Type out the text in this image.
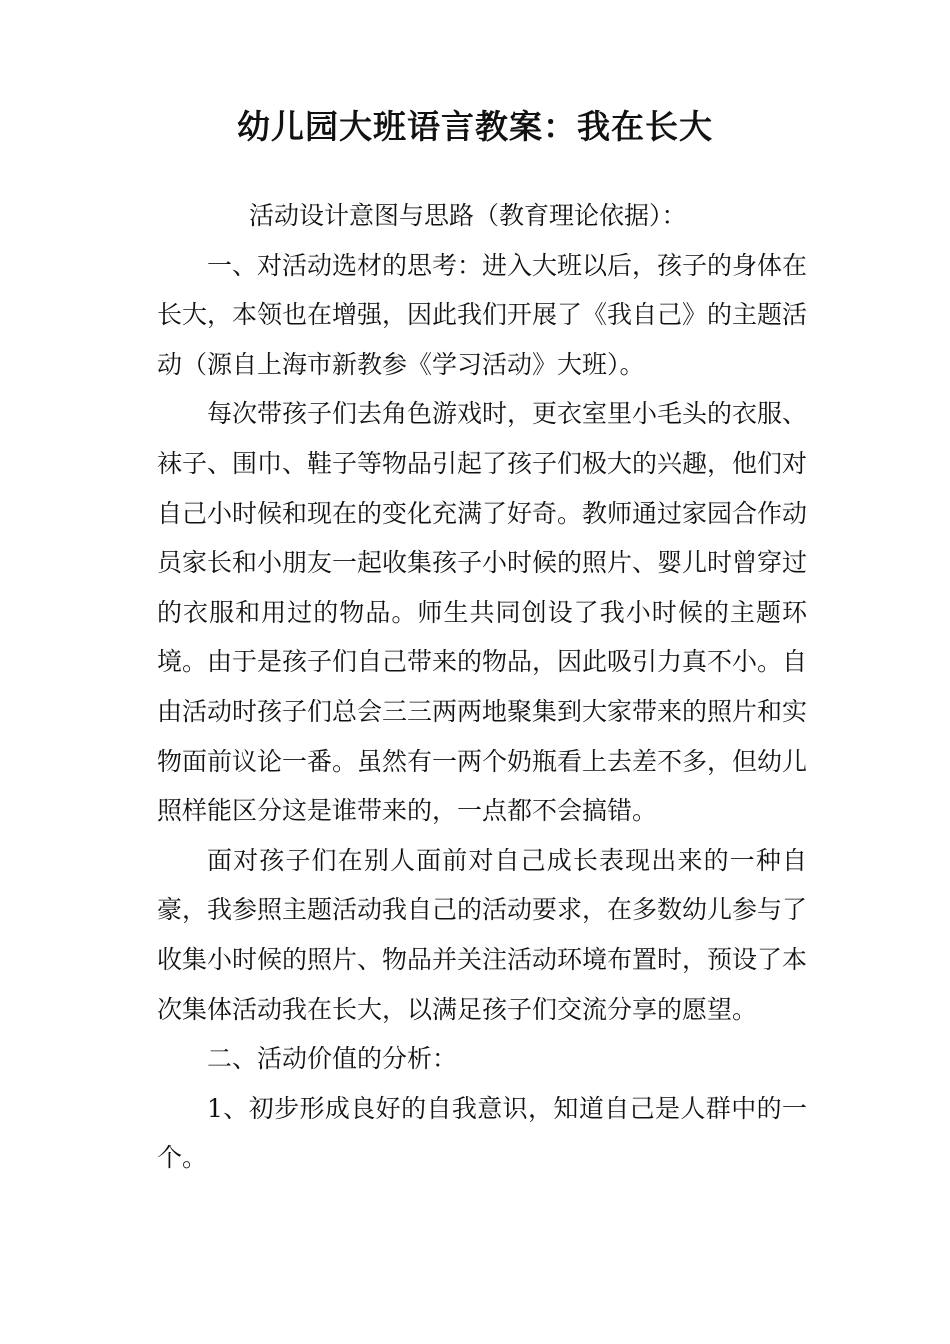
幼儿园大班语言教案：我在长大

活动设计意图与思路（教育理论依据）：

一、对活动选材的思考：进入大班以后，孩子的身体在长大，本领也在增强，因此我们开展了《我自己》的主题活动（源自上海市新教参《学习活动》大班）。

每次带孩子们去角色游戏时，更衣室里小毛头的衣服、袜子、围巾、鞋子等物品引起了孩子们极大的兴趣，他们对自己小时候和现在的变化充满了好奇。教师通过家园合作动员家长和小朋友一起收集孩子小时候的照片、婴儿时曾穿过的衣服和用过的物品。师生共同创设了我小时候的主题环境。由于是孩子们自己带来的物品，因此吸引力真不小。自由活动时孩子们总会三三两两地聚集到大家带来的照片和实物面前议论一番。虽然有一两个奶瓶看上去差不多，但幼儿照样能区分这是谁带来的，一点都不会搞错。

面对孩子们在别人面前对自己成长表现出来的一种自豪，我参照主题活动我自己的活动要求，在多数幼儿参与了收集小时候的照片、物品并关注活动环境布置时，预设了本次集体活动我在长大，以满足孩子们交流分享的愿望。

二、活动价值的分析：

1、初步形成良好的自我意识，知道自己是人群中的一个。
